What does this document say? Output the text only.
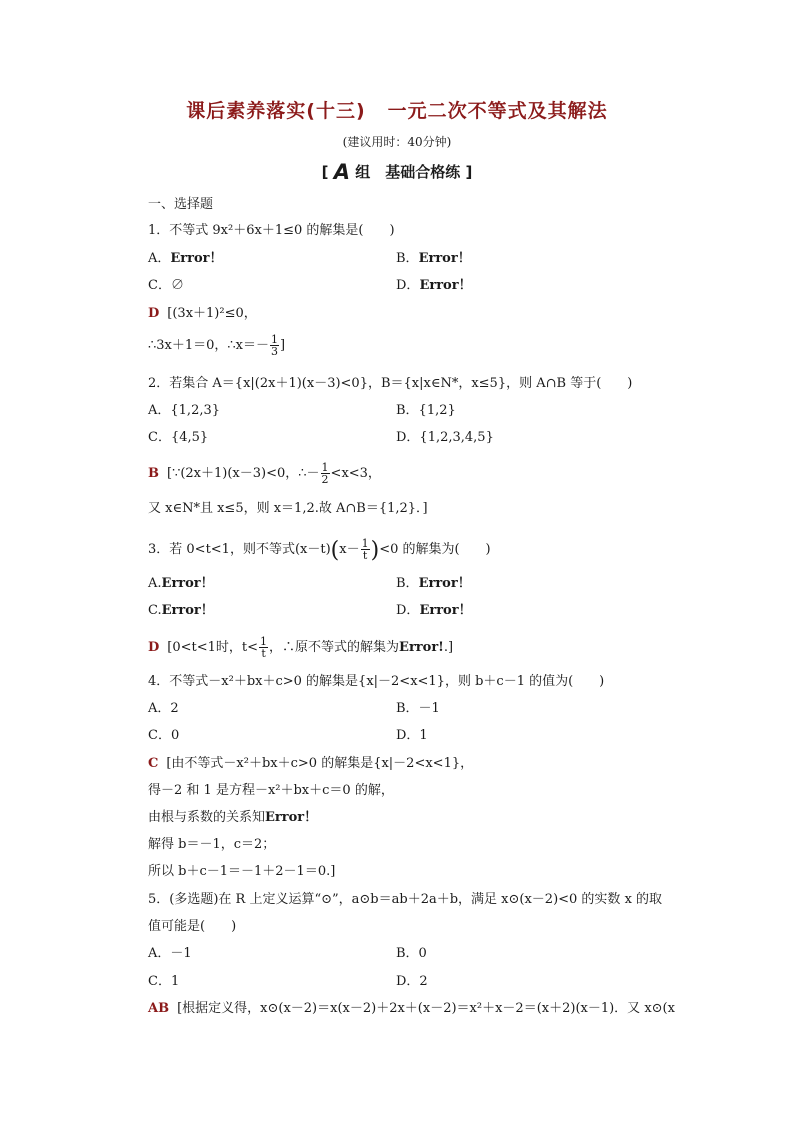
课后素养落实(十三) 一元二次不等式及其解法
(建议用时：40分钟)
[ A 组　基础合格练 ]
一、选择题
1．不等式 9x²＋6x＋1≤0 的解集是(　　)
A．Error！	B．Error！
C．∅	D．Error！
D [(3x＋1)²≤0，
∴3x＋1＝0，∴x＝－ $\frac{1}{3}$ ]
2．若集合 A＝{x|(2x＋1)(x－3)<0}，B＝{x|x∈N*，x≤5}，则 A∩B 等于(　　)
A．{1,2,3}	B．{1,2}
C．{4,5}	D．{1,2,3,4,5}
B [∵(2x＋1)(x－3)<0，∴－ $\frac{1}{2} <x<3$，
又 x∈N*且 x≤5，则 x＝1,2.故 A∩B＝{1,2}．]
3．若 0<t<1，则不等式$(x-t)(x- \frac{1}{t} )<0$ 的解集为(　　)
A.Error！	B．Error！
C.Error！	D．Error！
D [0<t<1时，$t< \frac{1}{t}$ ，∴原不等式的解集为Error!.]
4．不等式－x²＋bx＋c>0 的解集是{x|－2<x<1}，则 b＋c－1 的值为(　　)
A．2	B．－1
C．0	D．1
C [由不等式－x²＋bx＋c>0 的解集是{x|－2<x<1}，
得－2 和 1 是方程－x²＋bx＋c＝0 的解，
由根与系数的关系知Error！
解得 b＝－1，c＝2；
所以 b＋c－1＝－1＋2－1＝0.]
5．(多选题)在 R 上定义运算“⊙”，a⊙b＝ab＋2a＋b，满足 x⊙(x－2)<0 的实数 x 的取
值可能是(　　)
A．－1	B．0
C．1	D．2
AB [根据定义得，x⊙(x－2)＝x(x－2)＋2x＋(x－2)＝x²＋x－2＝(x＋2)(x－1)．又 x⊙(x
